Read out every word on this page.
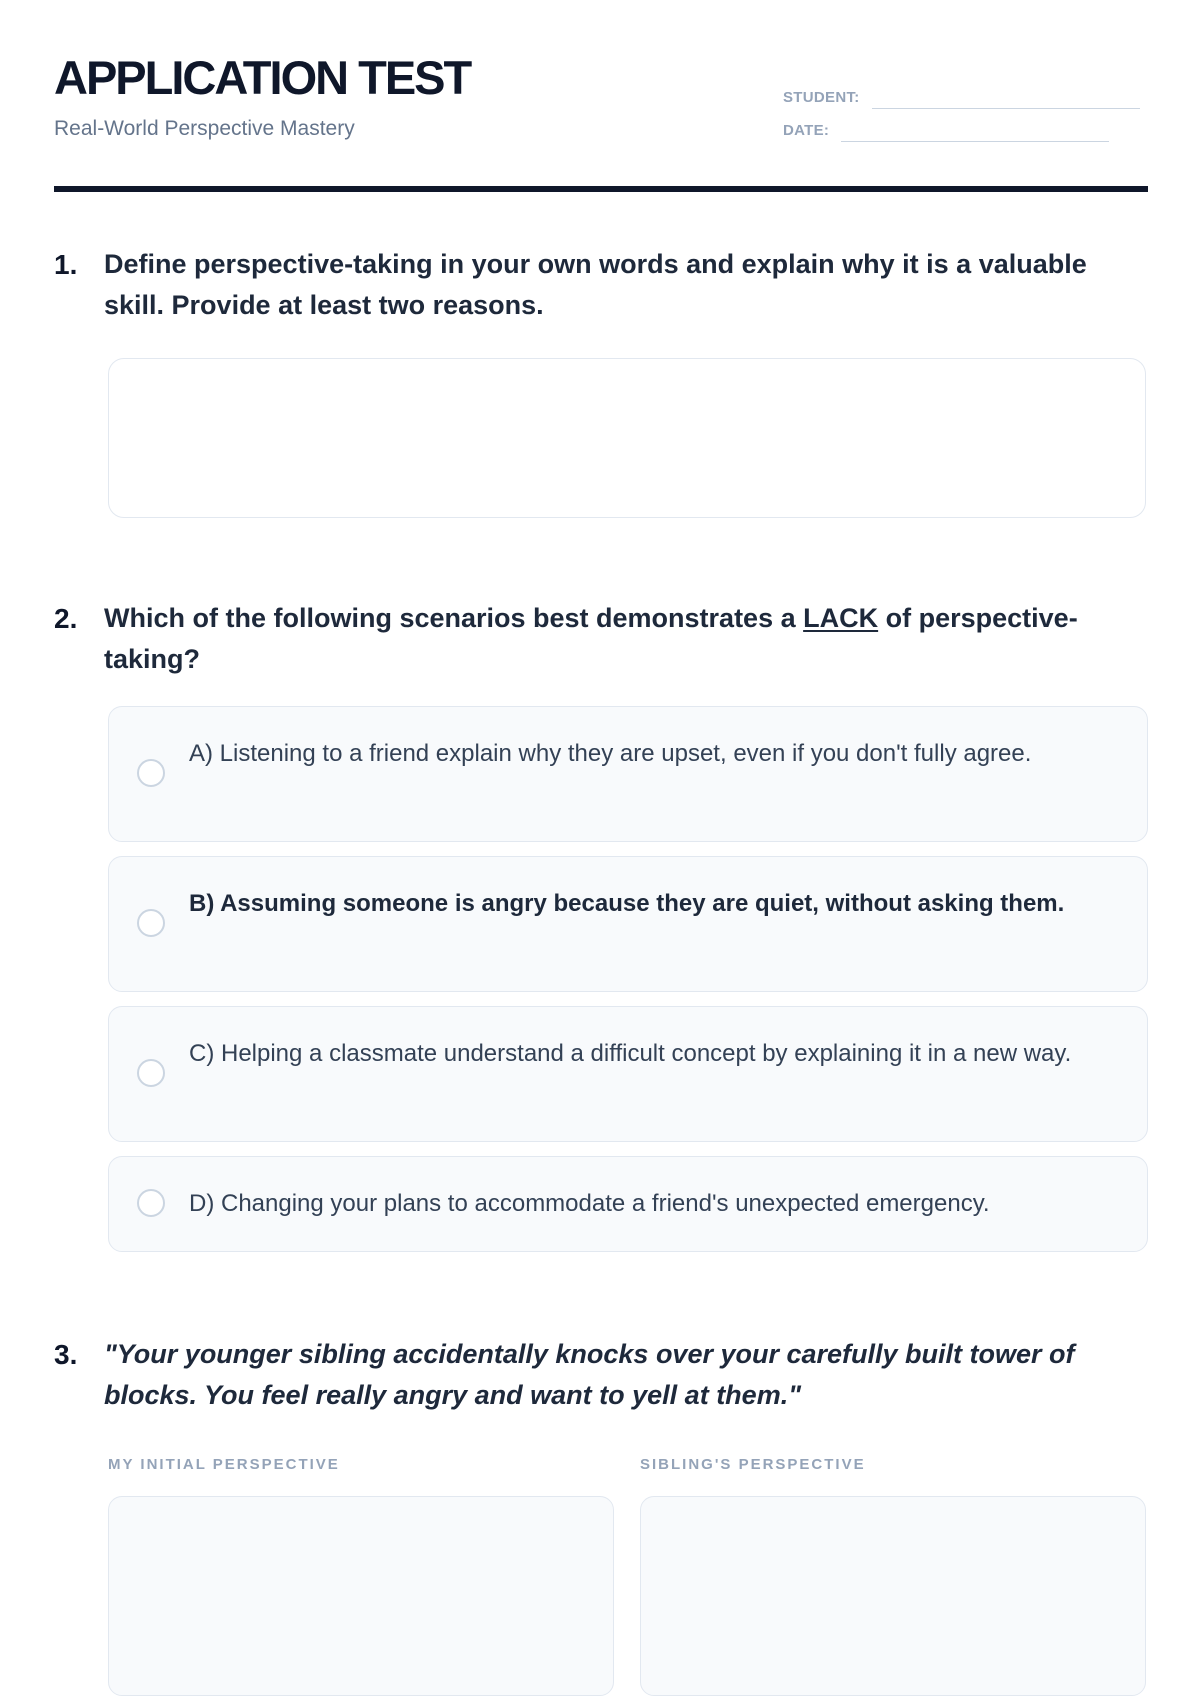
APPLICATION TEST
Real-World Perspective Mastery
STUDENT:
DATE:
1. Define perspective-taking in your own words and explain why it is a valuable skill. Provide at least two reasons.
2. Which of the following scenarios best demonstrates a LACK of perspective-taking?
A) Listening to a friend explain why they are upset, even if you don't fully agree.
B) Assuming someone is angry because they are quiet, without asking them.
C) Helping a classmate understand a difficult concept by explaining it in a new way.
D) Changing your plans to accommodate a friend's unexpected emergency.
3. "Your younger sibling accidentally knocks over your carefully built tower of blocks. You feel really angry and want to yell at them."
MY INITIAL PERSPECTIVE	SIBLING'S PERSPECTIVE
